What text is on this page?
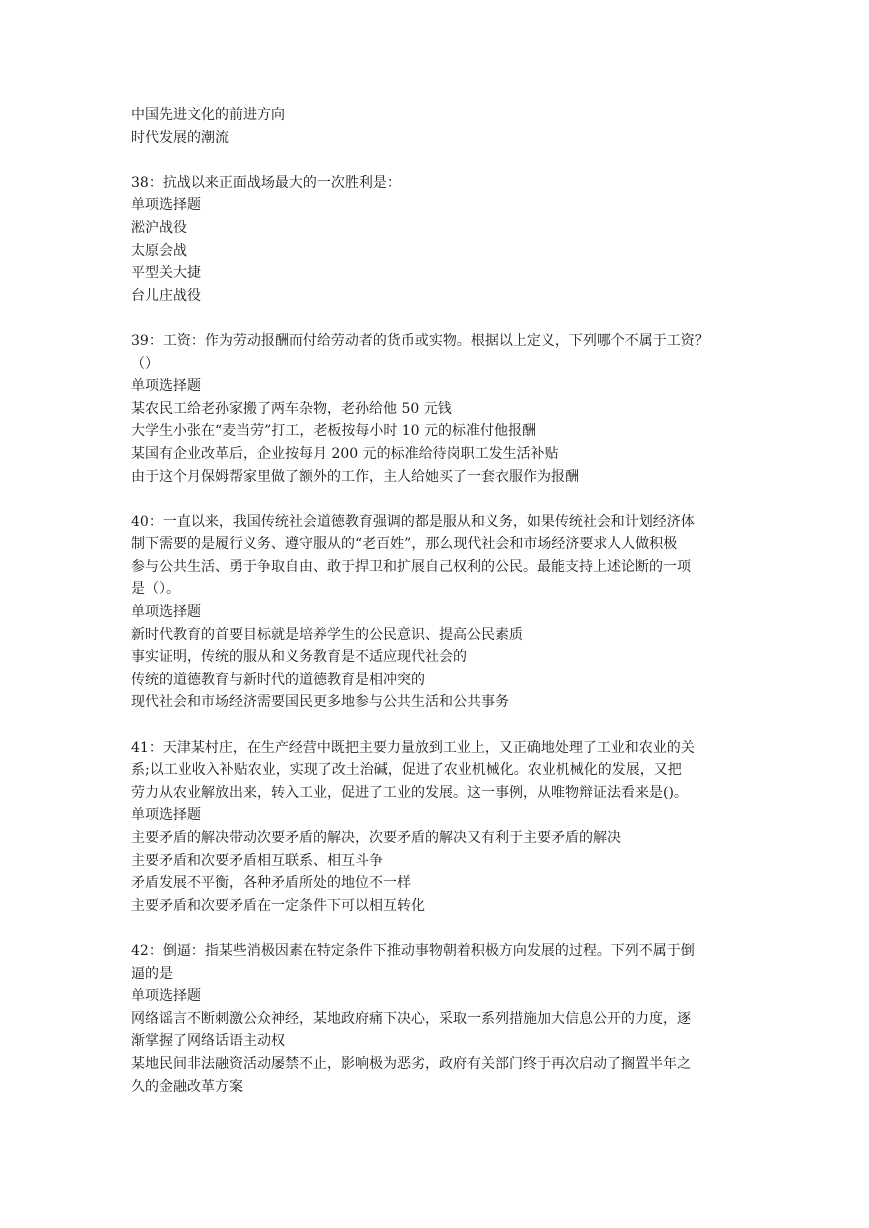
中国先进文化的前进方向
时代发展的潮流
38：抗战以来正面战场最大的一次胜利是：
单项选择题
淞沪战役
太原会战
平型关大捷
台儿庄战役
39：工资：作为劳动报酬而付给劳动者的货币或实物。根据以上定义，下列哪个不属于工资？
（）
单项选择题
某农民工给老孙家搬了两车杂物，老孙给他 50 元钱
大学生小张在“麦当劳”打工，老板按每小时 10 元的标准付他报酬
某国有企业改革后，企业按每月 200 元的标准给待岗职工发生活补贴
由于这个月保姆帮家里做了额外的工作，主人给她买了一套衣服作为报酬
40：一直以来，我国传统社会道德教育强调的都是服从和义务，如果传统社会和计划经济体
制下需要的是履行义务、遵守服从的“老百姓”，那么现代社会和市场经济要求人人做积极
参与公共生活、勇于争取自由、敢于捍卫和扩展自己权利的公民。最能支持上述论断的一项
是（）。
单项选择题
新时代教育的首要目标就是培养学生的公民意识、提高公民素质
事实证明，传统的服从和义务教育是不适应现代社会的
传统的道德教育与新时代的道德教育是相冲突的
现代社会和市场经济需要国民更多地参与公共生活和公共事务
41：天津某村庄，在生产经营中既把主要力量放到工业上，又正确地处理了工业和农业的关
系;以工业收入补贴农业，实现了改土治碱，促进了农业机械化。农业机械化的发展，又把
劳力从农业解放出来，转入工业，促进了工业的发展。这一事例，从唯物辩证法看来是()。
单项选择题
主要矛盾的解决带动次要矛盾的解决，次要矛盾的解决又有利于主要矛盾的解决
主要矛盾和次要矛盾相互联系、相互斗争
矛盾发展不平衡，各种矛盾所处的地位不一样
主要矛盾和次要矛盾在一定条件下可以相互转化
42：倒逼：指某些消极因素在特定条件下推动事物朝着积极方向发展的过程。下列不属于倒
逼的是
单项选择题
网络谣言不断刺激公众神经，某地政府痛下决心，采取一系列措施加大信息公开的力度，逐
渐掌握了网络话语主动权
某地民间非法融资活动屡禁不止，影响极为恶劣，政府有关部门终于再次启动了搁置半年之
久的金融改革方案
